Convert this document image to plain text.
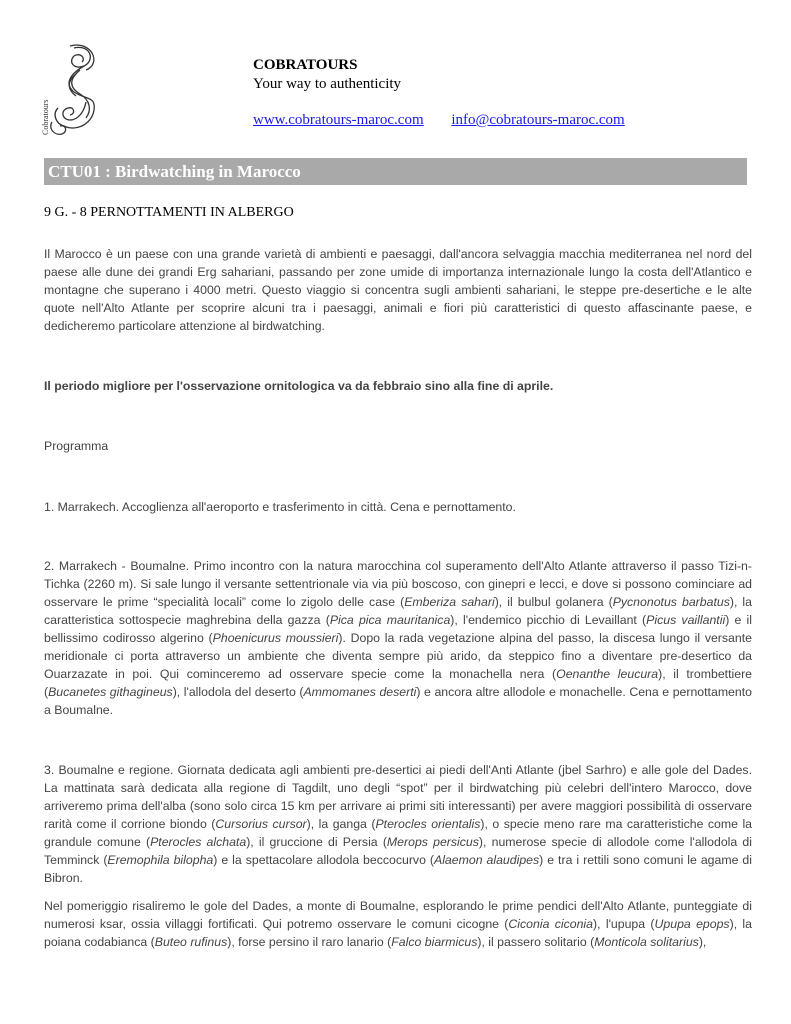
Cobratours
COBRATOURS
Your way to authenticity
www.cobratours-maroc.com info@cobratours-maroc.com
CTU01 : Birdwatching in Marocco
9 G. - 8 PERNOTTAMENTI IN ALBERGO
Il Marocco è un paese con una grande varietà di ambienti e paesaggi, dall'ancora selvaggia macchia mediterranea nel nord del paese alle dune dei grandi Erg sahariani, passando per zone umide di importanza internazionale lungo la costa dell'Atlantico e montagne che superano i 4000 metri. Questo viaggio si concentra sugli ambienti sahariani, le steppe pre-desertiche e le alte quote nell'Alto Atlante per scoprire alcuni tra i paesaggi, animali e fiori più caratteristici di questo affascinante paese, e dedicheremo particolare attenzione al birdwatching.
Il periodo migliore per l'osservazione ornitologica va da febbraio sino alla fine di aprile.
Programma
1. Marrakech. Accoglienza all'aeroporto e trasferimento in città. Cena e pernottamento.
2. Marrakech - Boumalne. Primo incontro con la natura marocchina col superamento dell'Alto Atlante attraverso il passo Tizi-n-Tichka (2260 m). Si sale lungo il versante settentrionale via via più boscoso, con ginepri e lecci, e dove si possono cominciare ad osservare le prime “specialità locali” come lo zigolo delle case (Emberiza sahari), il bulbul golanera (Pycnonotus barbatus), la caratteristica sottospecie maghrebina della gazza (Pica pica mauritanica), l'endemico picchio di Levaillant (Picus vaillantii) e il bellissimo codirosso algerino (Phoenicurus moussieri). Dopo la rada vegetazione alpina del passo, la discesa lungo il versante meridionale ci porta attraverso un ambiente che diventa sempre più arido, da steppico fino a diventare pre-desertico da Ouarzazate in poi. Qui cominceremo ad osservare specie come la monachella nera (Oenanthe leucura), il trombettiere (Bucanetes githagineus), l'allodola del deserto (Ammomanes deserti) e ancora altre allodole e monachelle. Cena e pernottamento a Boumalne.
3. Boumalne e regione. Giornata dedicata agli ambienti pre-desertici ai piedi dell'Anti Atlante (jbel Sarhro) e alle gole del Dades. La mattinata sarà dedicata alla regione di Tagdilt, uno degli “spot” per il birdwatching più celebri dell'intero Marocco, dove arriveremo prima dell'alba (sono solo circa 15 km per arrivare ai primi siti interessanti) per avere maggiori possibilità di osservare rarità come il corrione biondo (Cursorius cursor), la ganga (Pterocles orientalis), o specie meno rare ma caratteristiche come la grandule comune (Pterocles alchata), il gruccione di Persia (Merops persicus), numerose specie di allodole come l'allodola di Temminck (Eremophila bilopha) e la spettacolare allodola beccocurvo (Alaemon alaudipes) e tra i rettili sono comuni le agame di Bibron.
Nel pomeriggio risaliremo le gole del Dades, a monte di Boumalne, esplorando le prime pendici dell'Alto Atlante, punteggiate di numerosi ksar, ossia villaggi fortificati. Qui potremo osservare le comuni cicogne (Ciconia ciconia), l'upupa (Upupa epops), la poiana codabianca (Buteo rufinus), forse persino il raro lanario (Falco biarmicus), il passero solitario (Monticola solitarius),
